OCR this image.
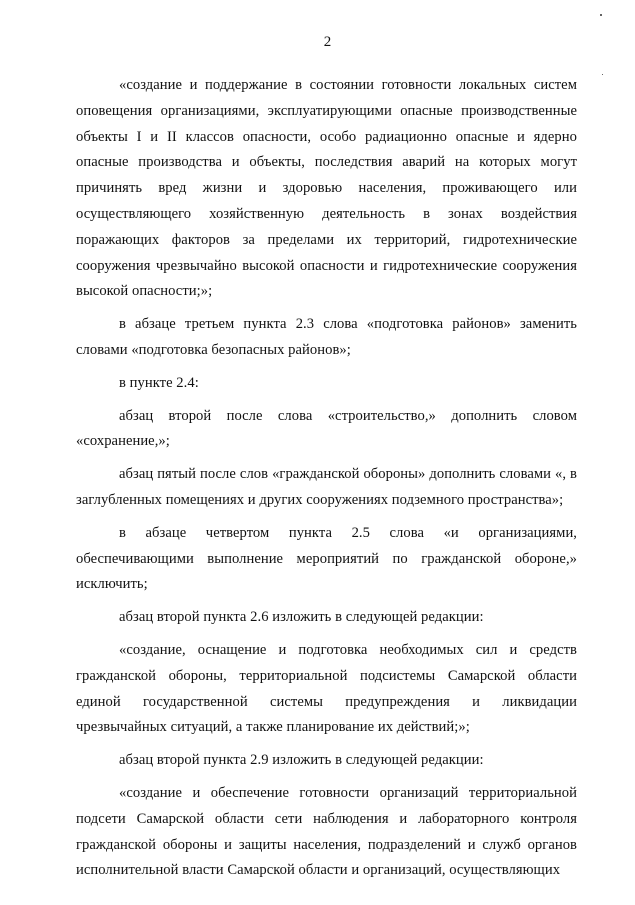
2

«создание и поддержание в состоянии готовности локальных систем оповещения организациями, эксплуатирующими опасные производственные объекты I и II классов опасности, особо радиационно опасные и ядерно опасные производства и объекты, последствия аварий на которых могут причинять вред жизни и здоровью населения, проживающего или осуществляющего хозяйственную деятельность в зонах воздействия поражающих факторов за пределами их территорий, гидротехнические сооружения чрезвычайно высокой опасности и гидротехнические сооружения высокой опасности;»;

в абзаце третьем пункта 2.3 слова «подготовка районов» заменить словами «подготовка безопасных районов»;

в пункте 2.4:

абзац второй после слова «строительство,» дополнить словом «сохранение,»;

абзац пятый после слов «гражданской обороны» дополнить словами «, в заглубленных помещениях и других сооружениях подземного пространства»;

в абзаце четвертом пункта 2.5 слова «и организациями, обеспечивающими выполнение мероприятий по гражданской обороне,» исключить;

абзац второй пункта 2.6 изложить в следующей редакции:

«создание, оснащение и подготовка необходимых сил и средств гражданской обороны, территориальной подсистемы Самарской области единой государственной системы предупреждения и ликвидации чрезвычайных ситуаций, а также планирование их действий;»;

абзац второй пункта 2.9 изложить в следующей редакции:

«создание и обеспечение готовности организаций территориальной подсети Самарской области сети наблюдения и лабораторного контроля гражданской обороны и защиты населения, подразделений и служб органов исполнительной власти Самарской области и организаций, осуществляющих
